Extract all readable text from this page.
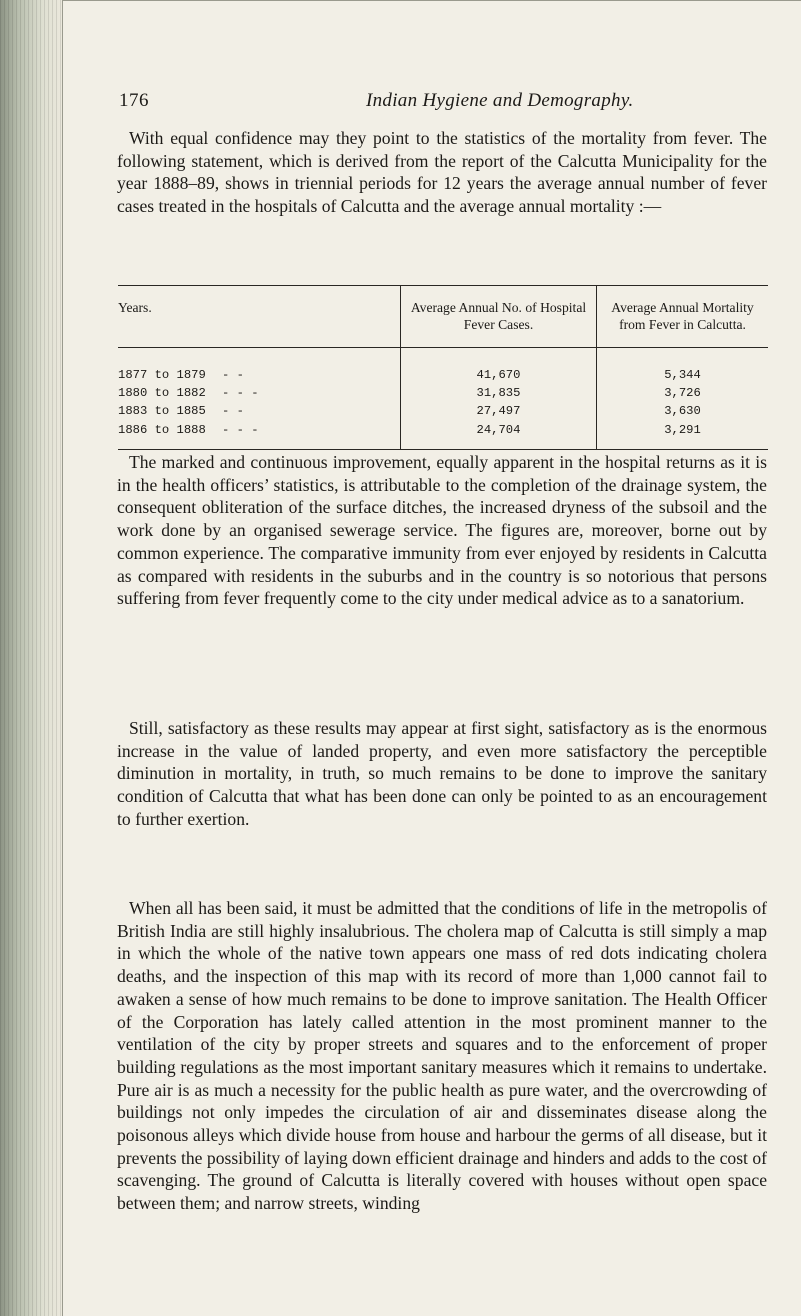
176	Indian Hygiene and Demography.

With equal confidence may they point to the statistics of the mortality from fever. The following statement, which is derived from the report of the Calcutta Municipality for the year 1888–89, shows in triennial periods for 12 years the average annual number of fever cases treated in the hospitals of Calcutta and the average annual mortality :—

Years.	Average Annual No. of Hospital Fever Cases.	Average Annual Mortality from Fever in Calcutta.
1877 to 1879 - -	41,670	5,344
1880 to 1882 - - -	31,835	3,726
1883 to 1885 - -	27,497	3,630
1886 to 1888 - - -	24,704	3,291

The marked and continuous improvement, equally apparent in the hospital returns as it is in the health officers’ statistics, is attributable to the completion of the drainage system, the consequent obliteration of the surface ditches, the increased dryness of the subsoil and the work done by an organised sewerage service. The figures are, moreover, borne out by common experience. The comparative immunity from ever enjoyed by residents in Calcutta as compared with residents in the suburbs and in the country is so notorious that persons suffering from fever frequently come to the city under medical advice as to a sanatorium.

Still, satisfactory as these results may appear at first sight, satisfactory as is the enormous increase in the value of landed property, and even more satisfactory the perceptible diminution in mortality, in truth, so much remains to be done to improve the sanitary condition of Calcutta that what has been done can only be pointed to as an encouragement to further exertion.

When all has been said, it must be admitted that the conditions of life in the metropolis of British India are still highly insalubrious. The cholera map of Calcutta is still simply a map in which the whole of the native town appears one mass of red dots indicating cholera deaths, and the inspection of this map with its record of more than 1,000 cannot fail to awaken a sense of how much remains to be done to improve sanitation. The Health Officer of the Corporation has lately called attention in the most prominent manner to the ventilation of the city by proper streets and squares and to the enforcement of proper building regulations as the most important sanitary measures which it remains to undertake. Pure air is as much a necessity for the public health as pure water, and the overcrowding of buildings not only impedes the circulation of air and disseminates disease along the poisonous alleys which divide house from house and harbour the germs of all disease, but it prevents the possibility of laying down efficient drainage and hinders and adds to the cost of scavenging. The ground of Calcutta is literally covered with houses without open space between them; and narrow streets, winding
